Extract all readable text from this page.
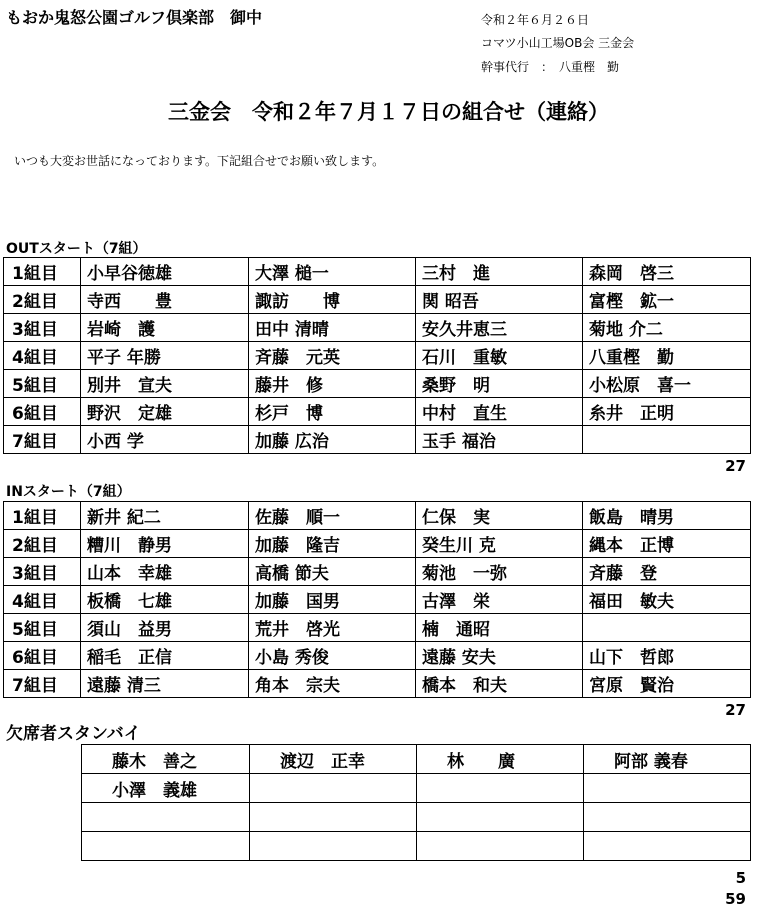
もおか鬼怒公園ゴルフ倶楽部　御中	令和２年６月２６日
コマツ小山工場OB会 三金会
幹事代行　：　八重樫　勤
三金会　令和２年７月１７日の組合せ（連絡）
いつも大変お世話になっております。下記組合せでお願い致します。
OUTスタート（7組）
1組目	小早谷徳雄	大澤 槌一	三村　進	森岡　啓三
2組目	寺西　　豊	諏訪　　博	関 昭吾	富樫　鉱一
3組目	岩崎　護	田中 清晴	安久井恵三	菊地 介二
4組目	平子 年勝	斉藤　元英	石川　重敏	八重樫　勤
5組目	別井　宣夫	藤井　修	桑野　明	小松原　喜一
6組目	野沢　定雄	杉戸　博	中村　直生	糸井　正明
7組目	小西 学	加藤 広治	玉手 福治	
27
INスタート（7組）
1組目	新井 紀二	佐藤　順一	仁保　実	飯島　晴男
2組目	糟川　静男	加藤　隆吉	癸生川 克	縄本　正博
3組目	山本　幸雄	高橋 節夫	菊池　一弥	斉藤　登
4組目	板橋　七雄	加藤　国男	古澤　栄	福田　敏夫
5組目	須山　益男	荒井　啓光	楠　通昭	
6組目	稲毛　正信	小島 秀俊	遠藤 安夫	山下　哲郎
7組目	遠藤 清三	角本　宗夫	橋本　和夫	宮原　賢治
27
欠席者スタンバイ
藤木　善之	渡辺　正幸	林　　廣	阿部 義春
小澤　義雄			

5
59
